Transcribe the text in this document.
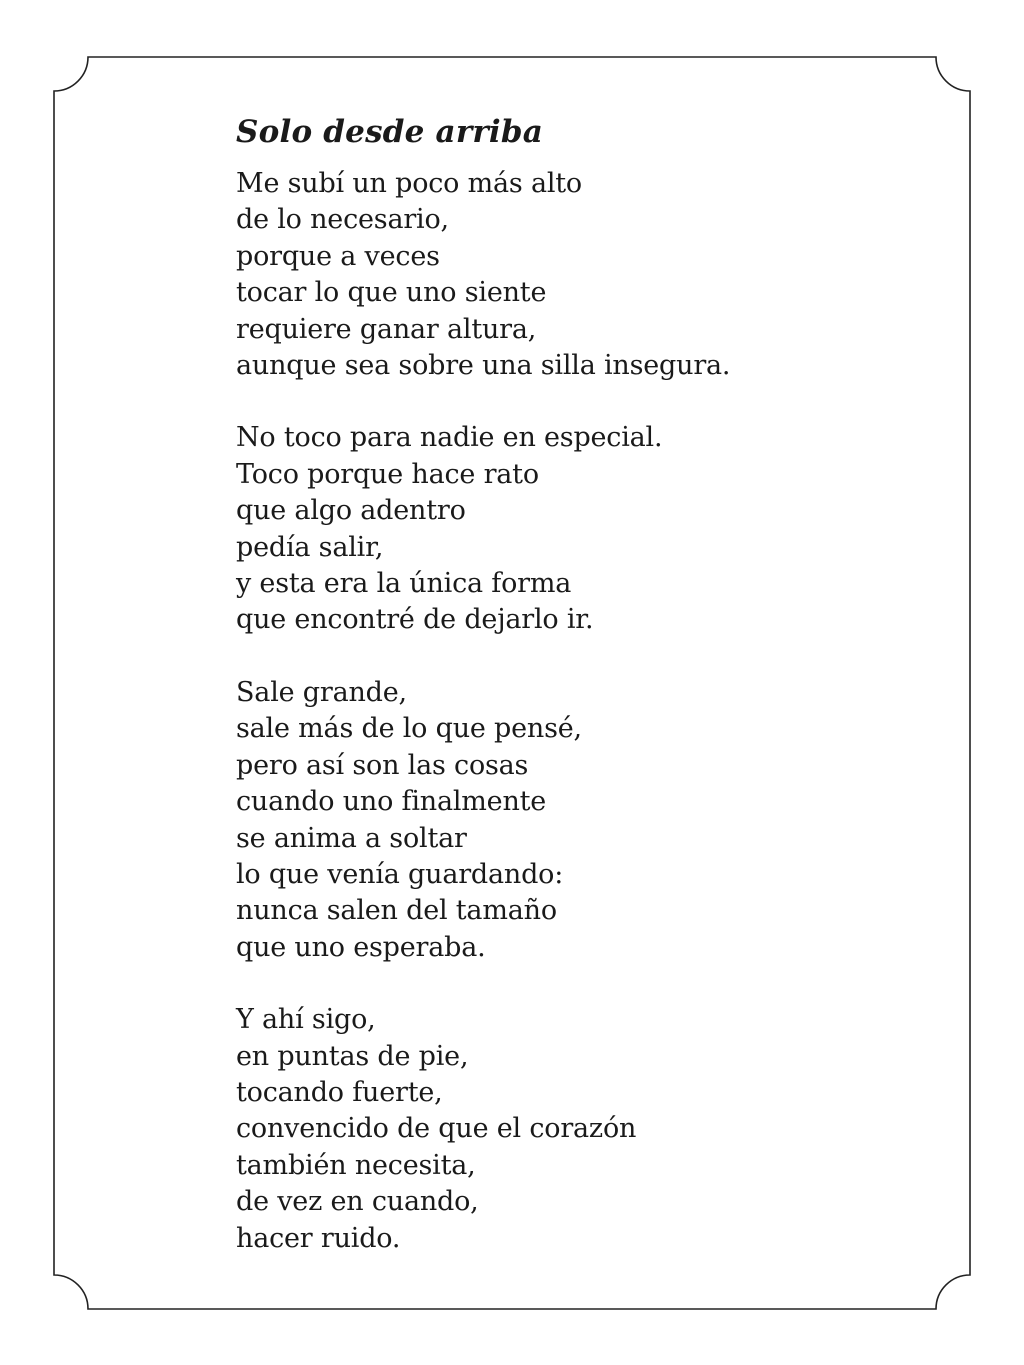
Solo desde arriba

Me subí un poco más alto
de lo necesario,
porque a veces
tocar lo que uno siente
requiere ganar altura,
aunque sea sobre una silla insegura.

No toco para nadie en especial.
Toco porque hace rato
que algo adentro
pedía salir,
y esta era la única forma
que encontré de dejarlo ir.

Sale grande,
sale más de lo que pensé,
pero así son las cosas
cuando uno finalmente
se anima a soltar
lo que venía guardando:
nunca salen del tamaño
que uno esperaba.

Y ahí sigo,
en puntas de pie,
tocando fuerte,
convencido de que el corazón
también necesita,
de vez en cuando,
hacer ruido.
